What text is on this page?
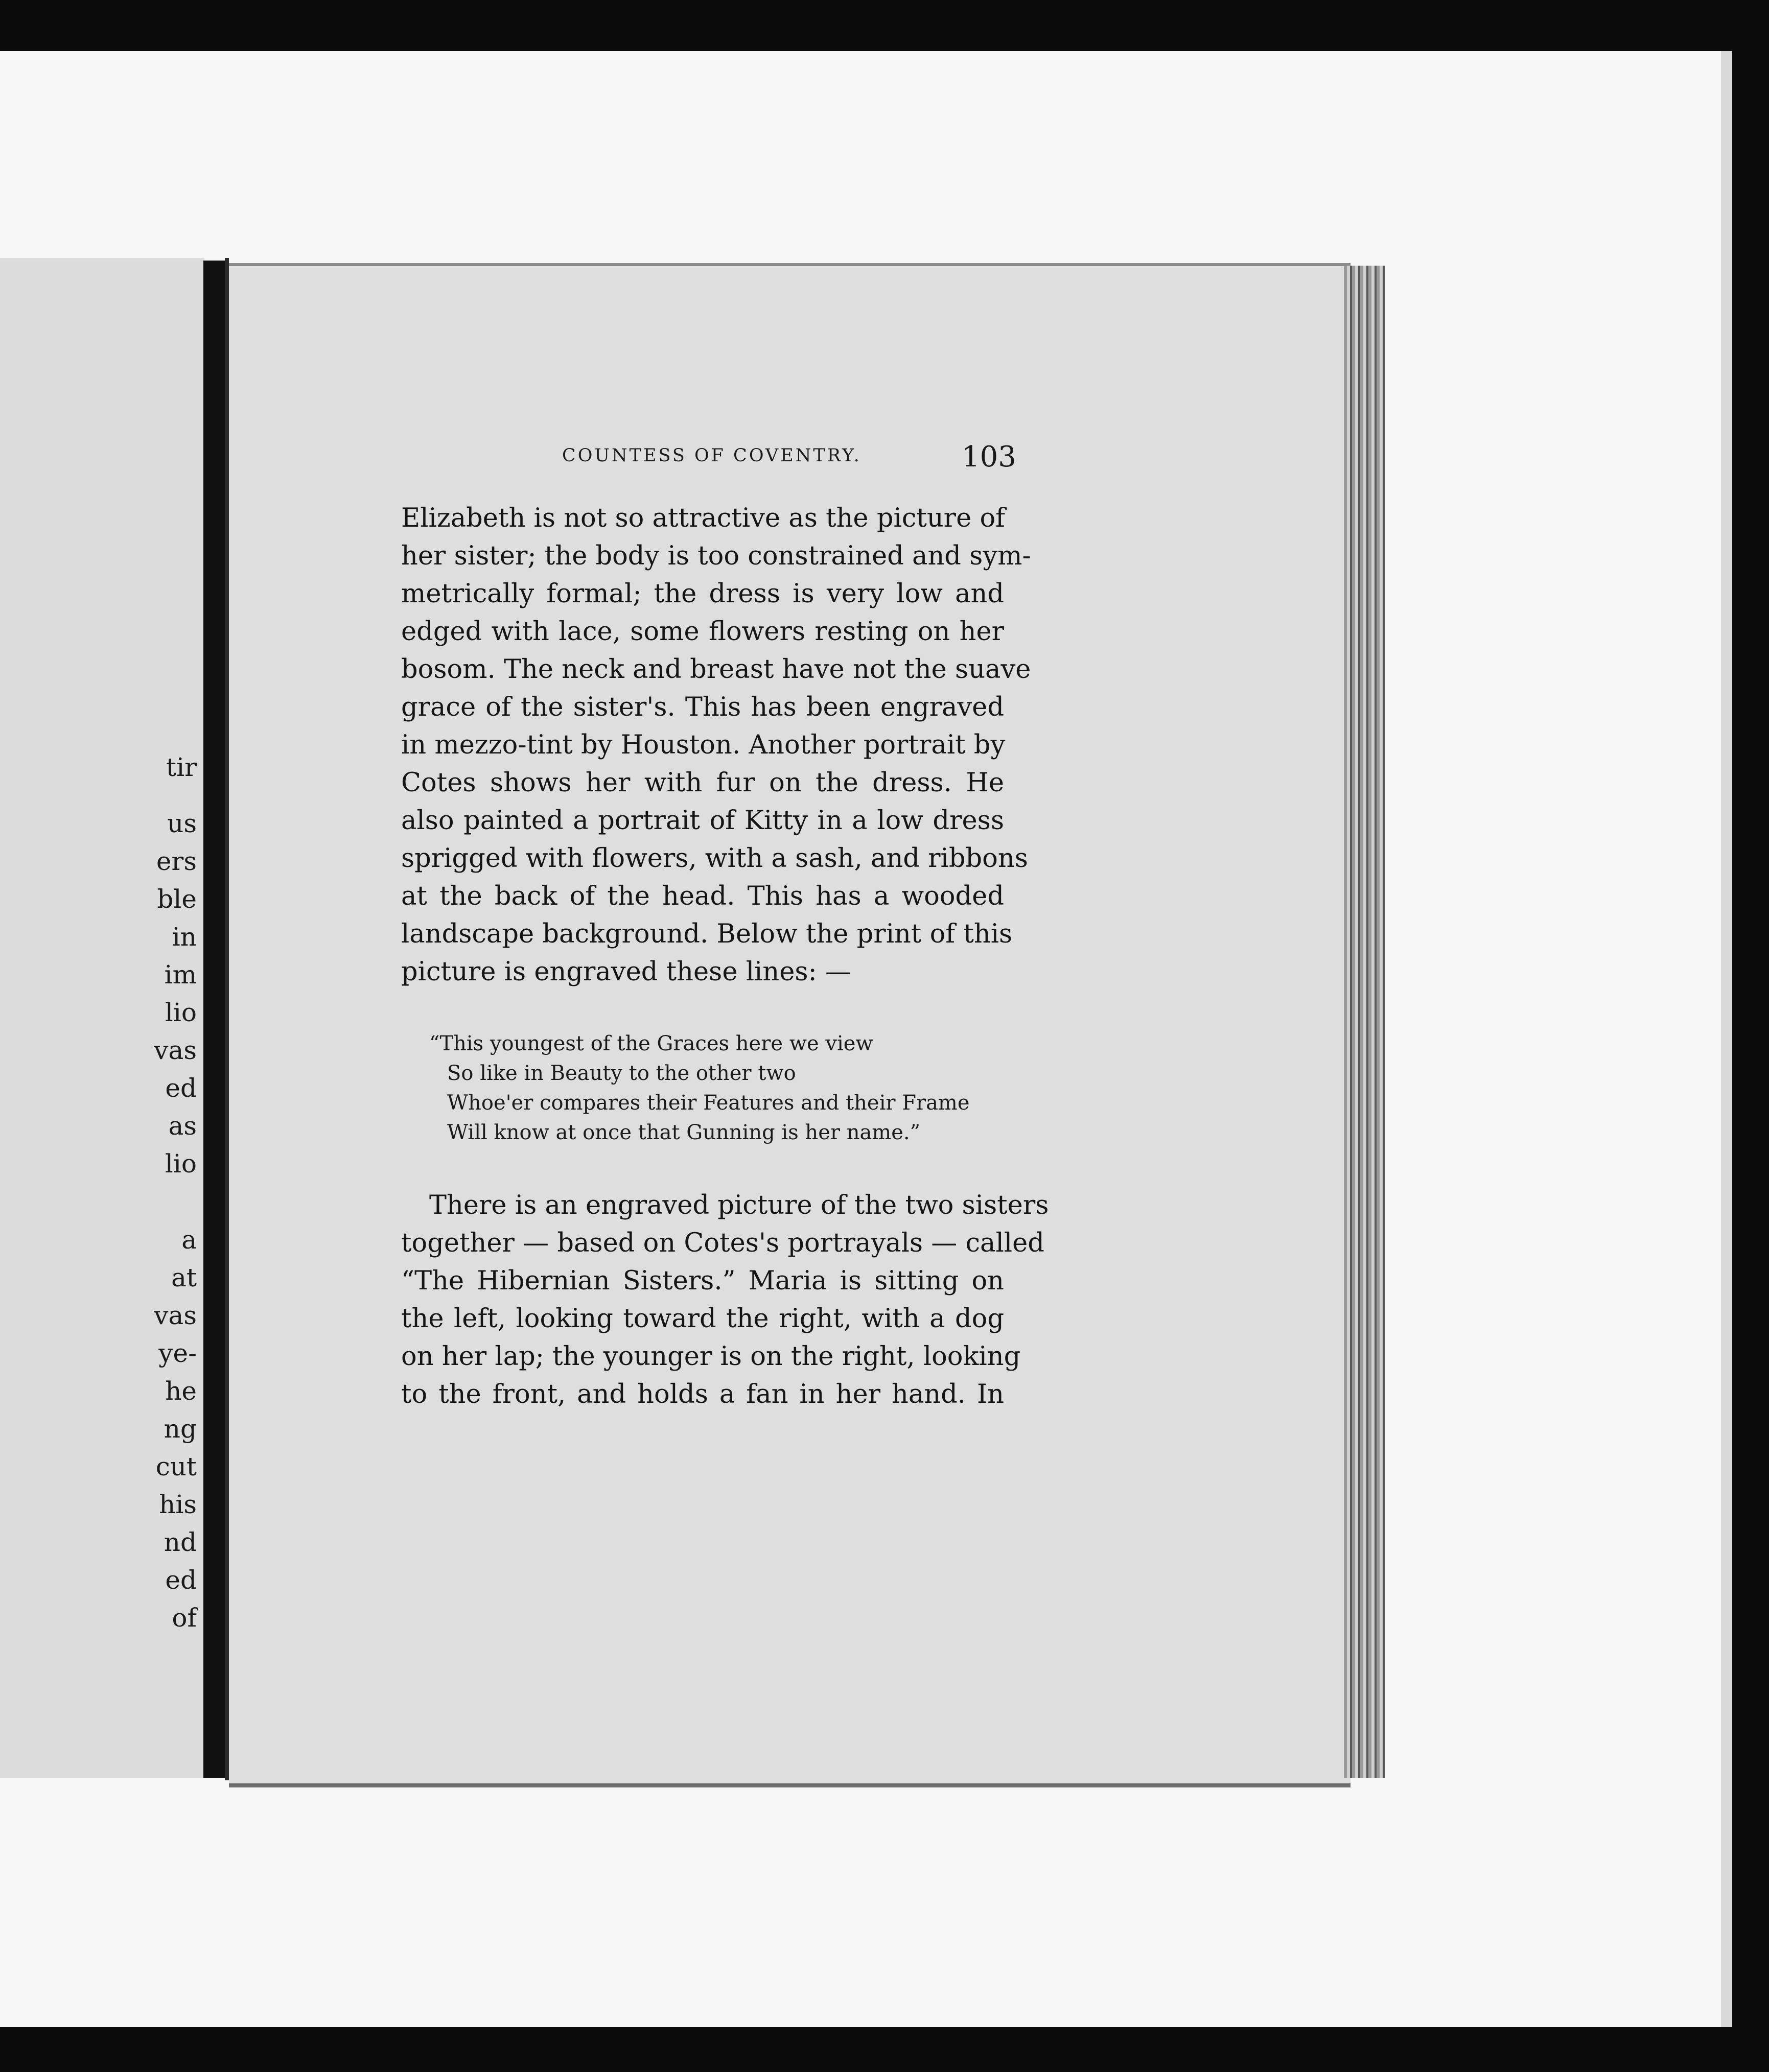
tir
us
ers
ble
in
im
lio
vas
ed
as
lio
a
at
vas
ye-
he
ng
cut
his
nd
ed
of
COUNTESS OF COVENTRY.	103
Elizabeth is not so attractive as the picture of
her sister; the body is too constrained and sym-
metrically formal; the dress is very low and
edged with lace, some flowers resting on her
bosom. The neck and breast have not the suave
grace of the sister's. This has been engraved
in mezzo-tint by Houston. Another portrait by
Cotes shows her with fur on the dress. He
also painted a portrait of Kitty in a low dress
sprigged with flowers, with a sash, and ribbons
at the back of the head. This has a wooded
landscape background. Below the print of this
picture is engraved these lines: —
“This youngest of the Graces here we view
So like in Beauty to the other two
Whoe'er compares their Features and their Frame
Will know at once that Gunning is her name.”
There is an engraved picture of the two sisters
together — based on Cotes's portrayals — called
“The Hibernian Sisters.” Maria is sitting on
the left, looking toward the right, with a dog
on her lap; the younger is on the right, looking
to the front, and holds a fan in her hand. In
